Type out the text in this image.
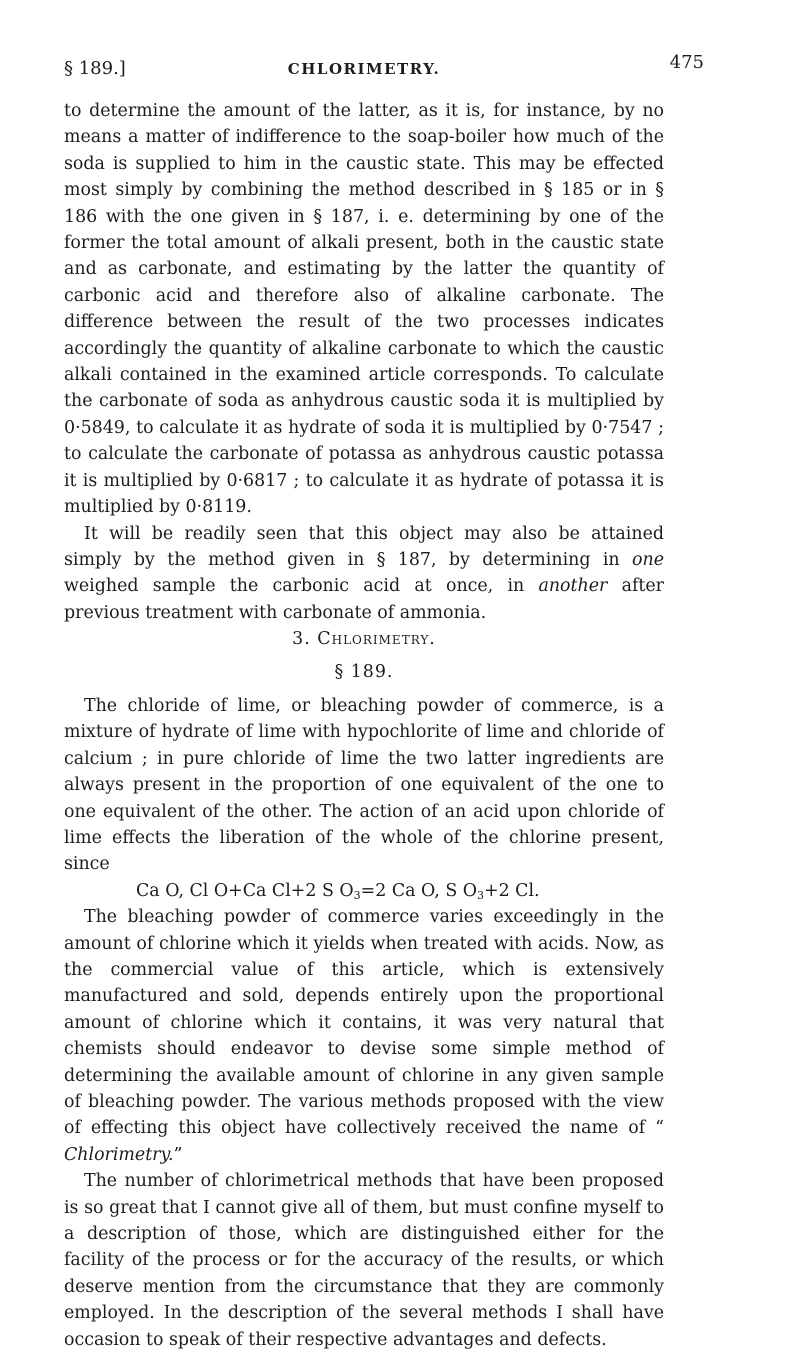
§ 189.]	CHLORIMETRY.	475

to determine the amount of the latter, as it is, for instance, by no means a matter of indifference to the soap-boiler how much of the soda is supplied to him in the caustic state. This may be effected most simply by combining the method described in § 185 or in § 186 with the one given in § 187, i. e. determining by one of the former the total amount of alkali present, both in the caustic state and as carbonate, and estimating by the latter the quantity of carbonic acid and therefore also of alkaline carbonate. The difference between the result of the two processes indicates accordingly the quantity of alkaline carbonate to which the caustic alkali contained in the examined article corresponds. To calculate the carbonate of soda as anhydrous caustic soda it is multiplied by 0·5849, to calculate it as hydrate of soda it is multiplied by 0·7547 ; to calculate the carbonate of potassa as anhydrous caustic potassa it is multiplied by 0·6817 ; to calculate it as hydrate of potassa it is multiplied by 0·8119.

It will be readily seen that this object may also be attained simply by the method given in § 187, by determining in one weighed sample the carbonic acid at once, in another after previous treatment with carbonate of ammonia.

3. Chlorimetry.

§ 189.

The chloride of lime, or bleaching powder of commerce, is a mixture of hydrate of lime with hypochlorite of lime and chloride of calcium ; in pure chloride of lime the two latter ingredients are always present in the proportion of one equivalent of the one to one equivalent of the other. The action of an acid upon chloride of lime effects the liberation of the whole of the chlorine present, since

Ca O, Cl O+Ca Cl+2 S $O_3=2$ Ca O, S $O_3+2$ Cl.

The bleaching powder of commerce varies exceedingly in the amount of chlorine which it yields when treated with acids. Now, as the commercial value of this article, which is extensively manufactured and sold, depends entirely upon the proportional amount of chlorine which it contains, it was very natural that chemists should endeavor to devise some simple method of determining the available amount of chlorine in any given sample of bleaching powder. The various methods proposed with the view of effecting this object have collectively received the name of “ Chlorimetry.”

The number of chlorimetrical methods that have been proposed is so great that I cannot give all of them, but must confine myself to a description of those, which are distinguished either for the facility of the process or for the accuracy of the results, or which deserve mention from the circumstance that they are commonly employed. In the description of the several methods I shall have occasion to speak of their respective advantages and defects.
